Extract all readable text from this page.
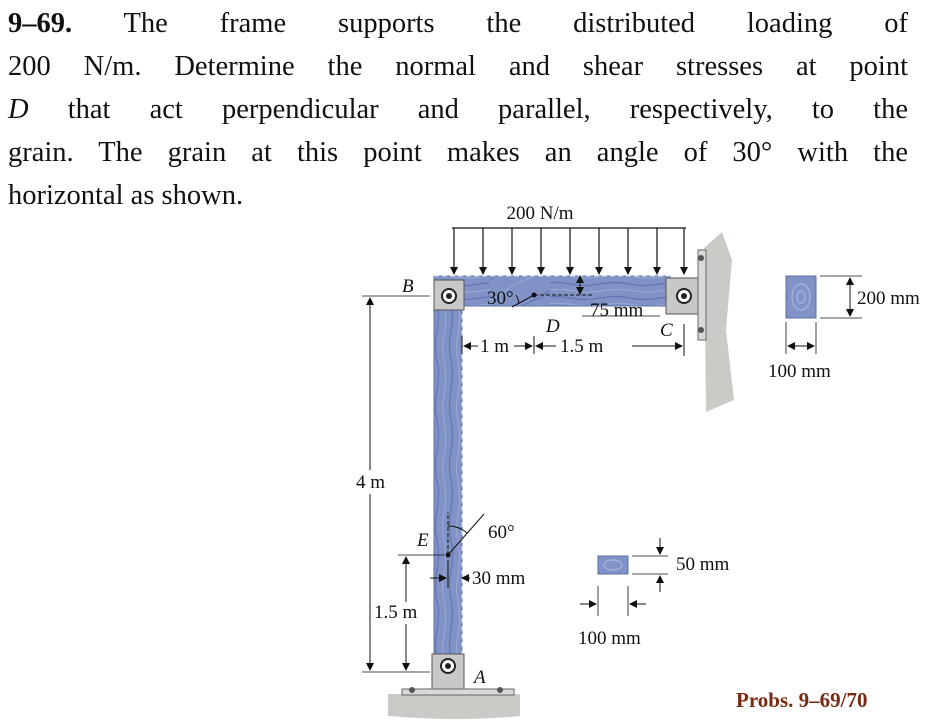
9–69. The frame supports the distributed loading of
200 N/m. Determine the normal and shear stresses at point
D that act perpendicular and parallel, respectively, to the
grain. The grain at this point makes an angle of 30° with the
horizontal as shown.
200 N/m
30°
75 mm
B
D	C
E
A
1 m	1.5 m
4 m
1.5 m
60°
30 mm
200 mm
100 mm
50 mm
100 mm

Probs. 9–69/70
